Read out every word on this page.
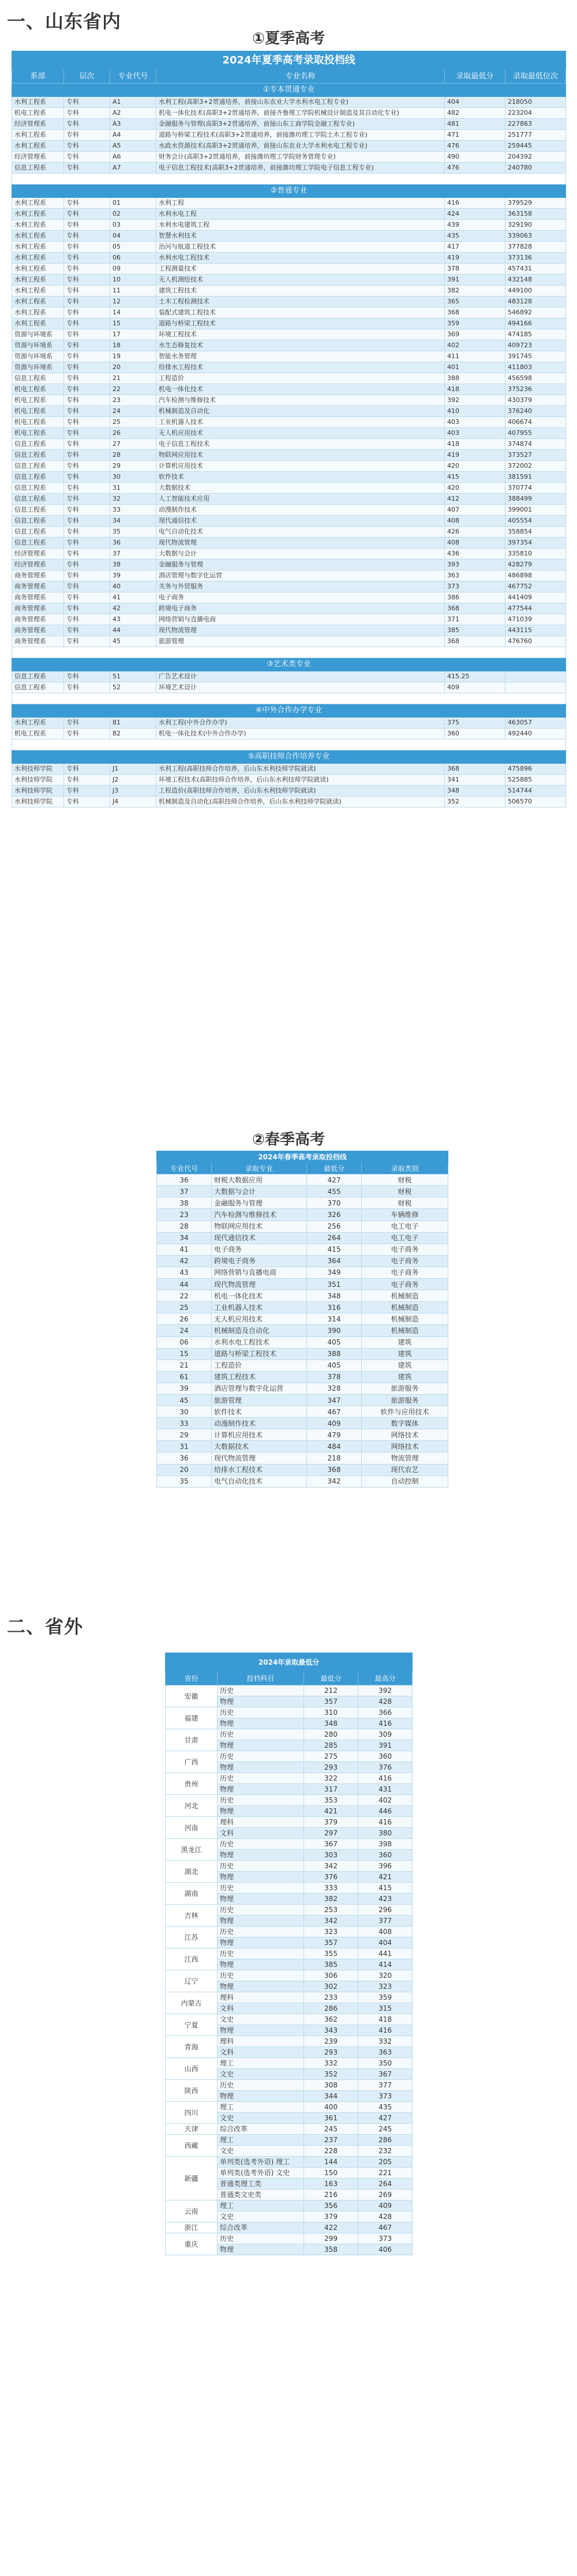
一、山东省内
①夏季高考
2024年夏季高考录取投档线					
系部	层次	专业代号	专业名称	录取最低分	录取最低位次
①专本贯通专业					
水利工程系	专科	A1	水利工程(高职3+2贯通培养，前接山东农业大学水利水电工程专业)	404	218050
机电工程系	专科	A2	机电一体化技术(高职3+2贯通培养，前接齐鲁理工学院机械设计制造及其自动化专业)	482	223204
经济管理系	专科	A3	金融服务与管理(高职3+2贯通培养，前接山东工商学院金融工程专业)	481	227863
水利工程系	专科	A4	道路与桥梁工程技术(高职3+2贯通培养，前接潍坊理工学院土木工程专业)	471	251777
水利工程系	专科	A5	水政水资源技术(高职3+2贯通培养，前接山东农业大学水利水电工程专业)	476	259445
经济管理系	专科	A6	财务会计(高职3+2贯通培养，前接潍坊理工学院财务管理专业)	490	204392
信息工程系	专科	A7	电子信息工程技术(高职3+2贯通培养，前接潍坊理工学院电子信息工程专业)	476	240780

②普通专业					
水利工程系	专科	01	水利工程	416	379529
水利工程系	专科	02	水利水电工程	424	363158
水利工程系	专科	03	水利水电建筑工程	439	329190
水利工程系	专科	04	智慧水利技术	435	339063
水利工程系	专科	05	治河与航道工程技术	417	377828
水利工程系	专科	06	水利水电工程技术	419	373136
水利工程系	专科	09	工程测量技术	378	457431
水利工程系	专科	10	无人机测绘技术	391	432148
水利工程系	专科	11	建筑工程技术	382	449100
水利工程系	专科	12	土木工程检测技术	365	483128
水利工程系	专科	14	装配式建筑工程技术	368	546892
水利工程系	专科	15	道路与桥梁工程技术	359	494166
资源与环境系	专科	17	环境工程技术	369	474185
资源与环境系	专科	18	水生态修复技术	402	409723
资源与环境系	专科	19	智能水务管理	411	391745
资源与环境系	专科	20	给排水工程技术	401	411803
信息工程系	专科	21	工程造价	388	456598
机电工程系	专科	22	机电一体化技术	418	375236
机电工程系	专科	23	汽车检测与维修技术	392	430379
机电工程系	专科	24	机械制造及自动化	410	376240
机电工程系	专科	25	工业机器人技术	403	406674
机电工程系	专科	26	无人机应用技术	403	407955
信息工程系	专科	27	电子信息工程技术	418	374874
信息工程系	专科	28	物联网应用技术	419	373527
信息工程系	专科	29	计算机应用技术	420	372002
信息工程系	专科	30	软件技术	415	381591
信息工程系	专科	31	大数据技术	420	370774
信息工程系	专科	32	人工智能技术应用	412	388499
信息工程系	专科	33	动漫制作技术	407	399001
信息工程系	专科	34	现代通信技术	408	405554
信息工程系	专科	35	电气自动化技术	426	358854
信息工程系	专科	36	现代物流管理	408	397354
经济管理系	专科	37	大数据与会计	436	335810
经济管理系	专科	38	金融服务与管理	393	428279
商务管理系	专科	39	酒店管理与数字化运营	363	486898
商务管理系	专科	40	关务与外贸服务	373	467752
商务管理系	专科	41	电子商务	386	441409
商务管理系	专科	42	跨境电子商务	368	477544
商务管理系	专科	43	网络营销与直播电商	371	471039
商务管理系	专科	44	现代物流管理	385	443115
商务管理系	专科	45	旅游管理	368	476760

③艺术类专业					
信息工程系	专科	51	广告艺术设计	415.25	
信息工程系	专科	52	环境艺术设计	409	

④中外合作办学专业					
水利工程系	专科	81	水利工程(中外合作办学)	375	463057
机电工程系	专科	82	机电一体化技术(中外合作办学)	360	492440

⑤高职技师合作培养专业					
水利技师学院	专科	J1	水利工程(高职技师合作培养，后山东水利技师学院就读)	368	475896
水利技师学院	专科	J2	环境工程技术(高职技师合作培养，后山东水利技师学院就读)	341	525885
水利技师学院	专科	J3	工程造价(高职技师合作培养，后山东水利技师学院就读)	348	514744
水利技师学院	专科	J4	机械制造及自动化(高职技师合作培养，后山东水利技师学院就读)	352	506570
②春季高考
2024年春季高考录取投档线			
专业代号	录取专业	最低分	录取类别
36	财税大数据应用	427	财税
37	大数据与会计	455	财税
38	金融服务与管理	370	财税
23	汽车检测与维修技术	326	车辆维修
28	物联网应用技术	256	电工电子
34	现代通信技术	264	电工电子
41	电子商务	415	电子商务
42	跨境电子商务	364	电子商务
43	网络营销与直播电商	349	电子商务
44	现代物流管理	351	电子商务
22	机电一体化技术	348	机械制造
25	工业机器人技术	316	机械制造
26	无人机应用技术	314	机械制造
24	机械制造及自动化	390	机械制造
06	水利水电工程技术	405	建筑
15	道路与桥梁工程技术	388	建筑
21	工程造价	405	建筑
61	建筑工程技术	378	建筑
39	酒店管理与数字化运营	328	旅游服务
45	旅游管理	347	旅游服务
30	软件技术	467	软件与应用技术
33	动漫制作技术	409	数字媒体
29	计算机应用技术	479	网络技术
31	大数据技术	484	网络技术
36	现代物流管理	218	物流管理
20	给排水工程技术	368	现代农艺
35	电气自动化技术	342	自动控制
二、省外
2024年录取最低分			
省份	投档科目	最低分	最高分
安徽	历史	212	392
	物理	357	428
福建	历史	310	366
	物理	348	416
甘肃	历史	280	309
	物理	285	391
广西	历史	275	360
	物理	293	376
贵州	历史	322	416
	物理	317	431
河北	历史	353	402
	物理	421	446
河南	理科	379	416
	文科	297	380
黑龙江	历史	367	398
	物理	303	360
湖北	历史	342	396
	物理	376	421
湖南	历史	333	415
	物理	382	423
吉林	历史	253	296
	物理	342	377
江苏	历史	323	408
	物理	357	404
江西	历史	355	441
	物理	385	414
辽宁	历史	306	320
	物理	302	323
内蒙古	理科	233	359
	文科	286	315
宁夏	文史	362	418
	物理	343	416
青海	理科	239	332
	文科	293	363
山西	理工	332	350
	文史	352	367
陕西	历史	308	377
	物理	344	373
四川	理工	400	435
	文史	361	427
天津	综合改革	245	245
西藏	理工	237	286
	文史	228	232
新疆	单列类(选考外语) 理工	144	205
	单列类(选考外语) 文史	150	221
	普通类理工类	163	264
	普通类文史类	216	269
云南	理工	356	409
	文史	379	428
浙江	综合改革	422	467
重庆	历史	299	373
	物理	358	406
